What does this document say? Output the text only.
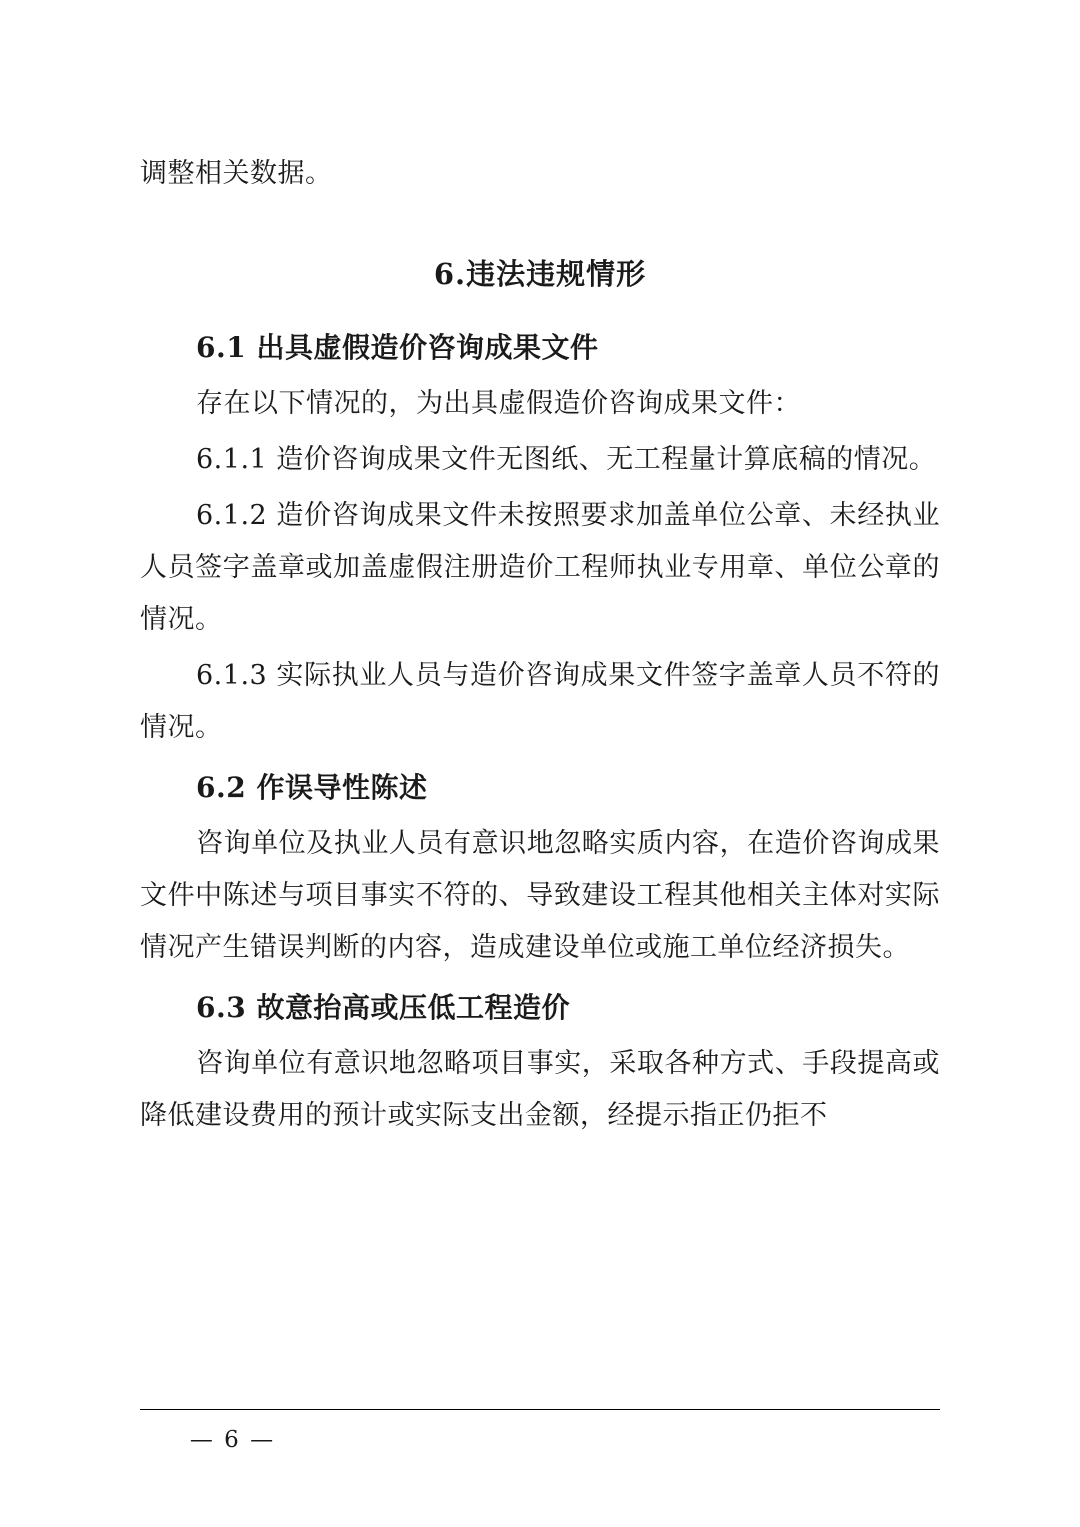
调整相关数据。

6.违法违规情形
6.1 出具虚假造价咨询成果文件

存在以下情况的，为出具虚假造价咨询成果文件：

6.1.1 造价咨询成果文件无图纸、无工程量计算底稿的情况。

6.1.2 造价咨询成果文件未按照要求加盖单位公章、未经执业人员签字盖章或加盖虚假注册造价工程师执业专用章、单位公章的情况。

6.1.3 实际执业人员与造价咨询成果文件签字盖章人员不符的情况。

6.2 作误导性陈述

咨询单位及执业人员有意识地忽略实质内容，在造价咨询成果文件中陈述与项目事实不符的、导致建设工程其他相关主体对实际情况产生错误判断的内容，造成建设单位或施工单位经济损失。

6.3 故意抬高或压低工程造价

咨询单位有意识地忽略项目事实，采取各种方式、手段提高或降低建设费用的预计或实际支出金额，经提示指正仍拒不

— 6 —
